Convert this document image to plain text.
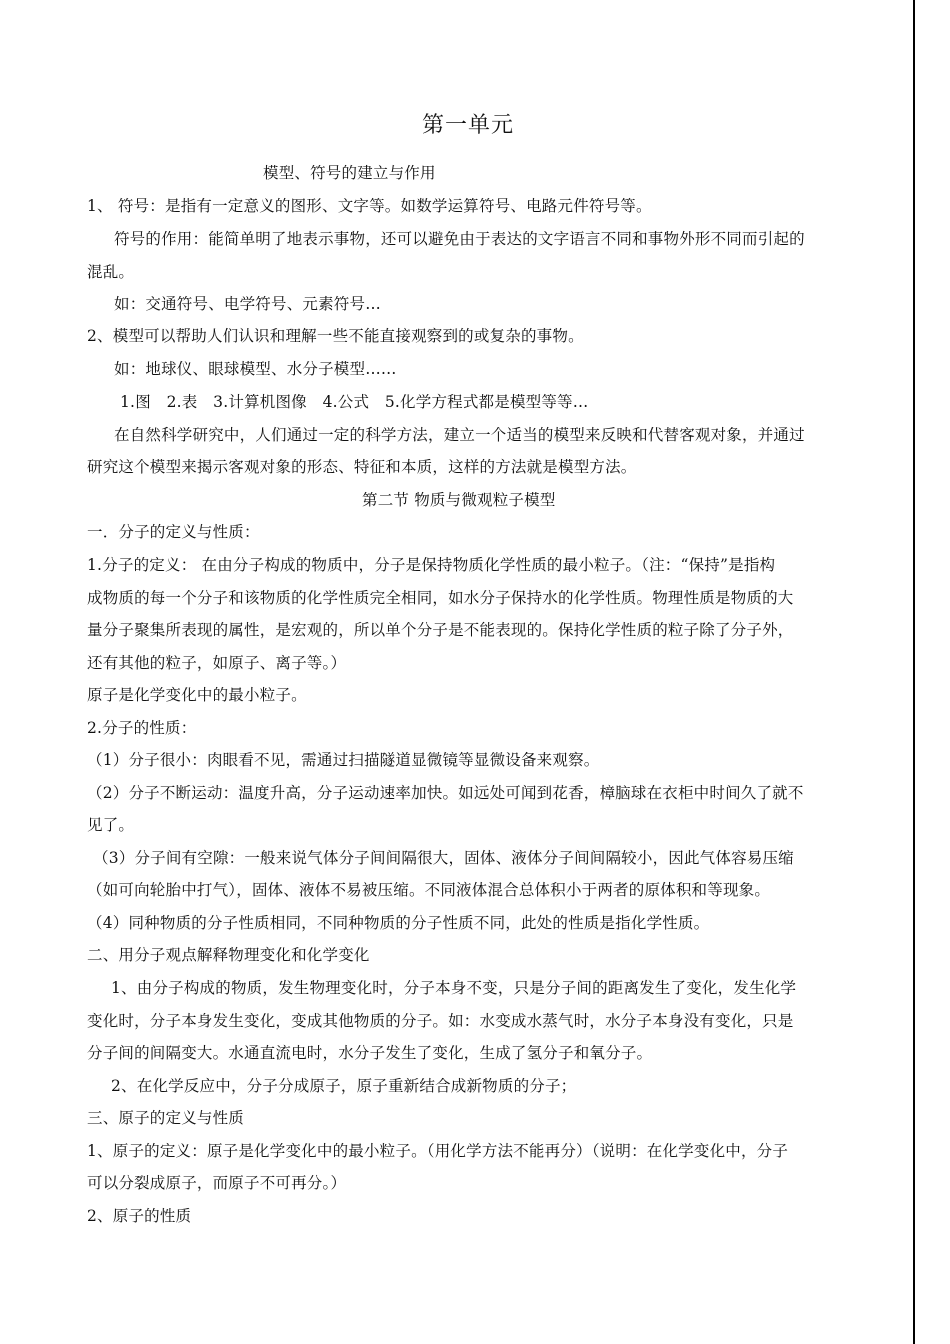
第一单元
模型、符号的建立与作用
1、 符号：是指有一定意义的图形、文字等。如数学运算符号、电路元件符号等。
符号的作用：能简单明了地表示事物，还可以避免由于表达的文字语言不同和事物外形不同而引起的
混乱。
如：交通符号、电学符号、元素符号…
2、模型可以帮助人们认识和理解一些不能直接观察到的或复杂的事物。
如：地球仪、眼球模型、水分子模型……
1.图　2.表　3.计算机图像　4.公式　5.化学方程式都是模型等等…
在自然科学研究中，人们通过一定的科学方法，建立一个适当的模型来反映和代替客观对象，并通过
研究这个模型来揭示客观对象的形态、特征和本质，这样的方法就是模型方法。
第二节 物质与微观粒子模型
一．分子的定义与性质：
1.分子的定义： 在由分子构成的物质中，分子是保持物质化学性质的最小粒子。（注：“保持”是指构
成物质的每一个分子和该物质的化学性质完全相同，如水分子保持水的化学性质。物理性质是物质的大
量分子聚集所表现的属性，是宏观的，所以单个分子是不能表现的。保持化学性质的粒子除了分子外，
还有其他的粒子，如原子、离子等。）
原子是化学变化中的最小粒子。
2.分子的性质：
（1）分子很小：肉眼看不见，需通过扫描隧道显微镜等显微设备来观察。
（2）分子不断运动：温度升高，分子运动速率加快。如远处可闻到花香，樟脑球在衣柜中时间久了就不
见了。
（3）分子间有空隙：一般来说气体分子间间隔很大，固体、液体分子间间隔较小，因此气体容易压缩
（如可向轮胎中打气），固体、液体不易被压缩。不同液体混合总体积小于两者的原体积和等现象。
（4）同种物质的分子性质相同，不同种物质的分子性质不同，此处的性质是指化学性质。
二、用分子观点解释物理变化和化学变化
1、由分子构成的物质，发生物理变化时，分子本身不变，只是分子间的距离发生了变化，发生化学
变化时，分子本身发生变化，变成其他物质的分子。如：水变成水蒸气时，水分子本身没有变化，只是
分子间的间隔变大。水通直流电时，水分子发生了变化，生成了氢分子和氧分子。
2、在化学反应中，分子分成原子，原子重新结合成新物质的分子；
三、原子的定义与性质
1、原子的定义：原子是化学变化中的最小粒子。（用化学方法不能再分）（说明：在化学变化中，分子
可以分裂成原子，而原子不可再分。）
2、原子的性质
